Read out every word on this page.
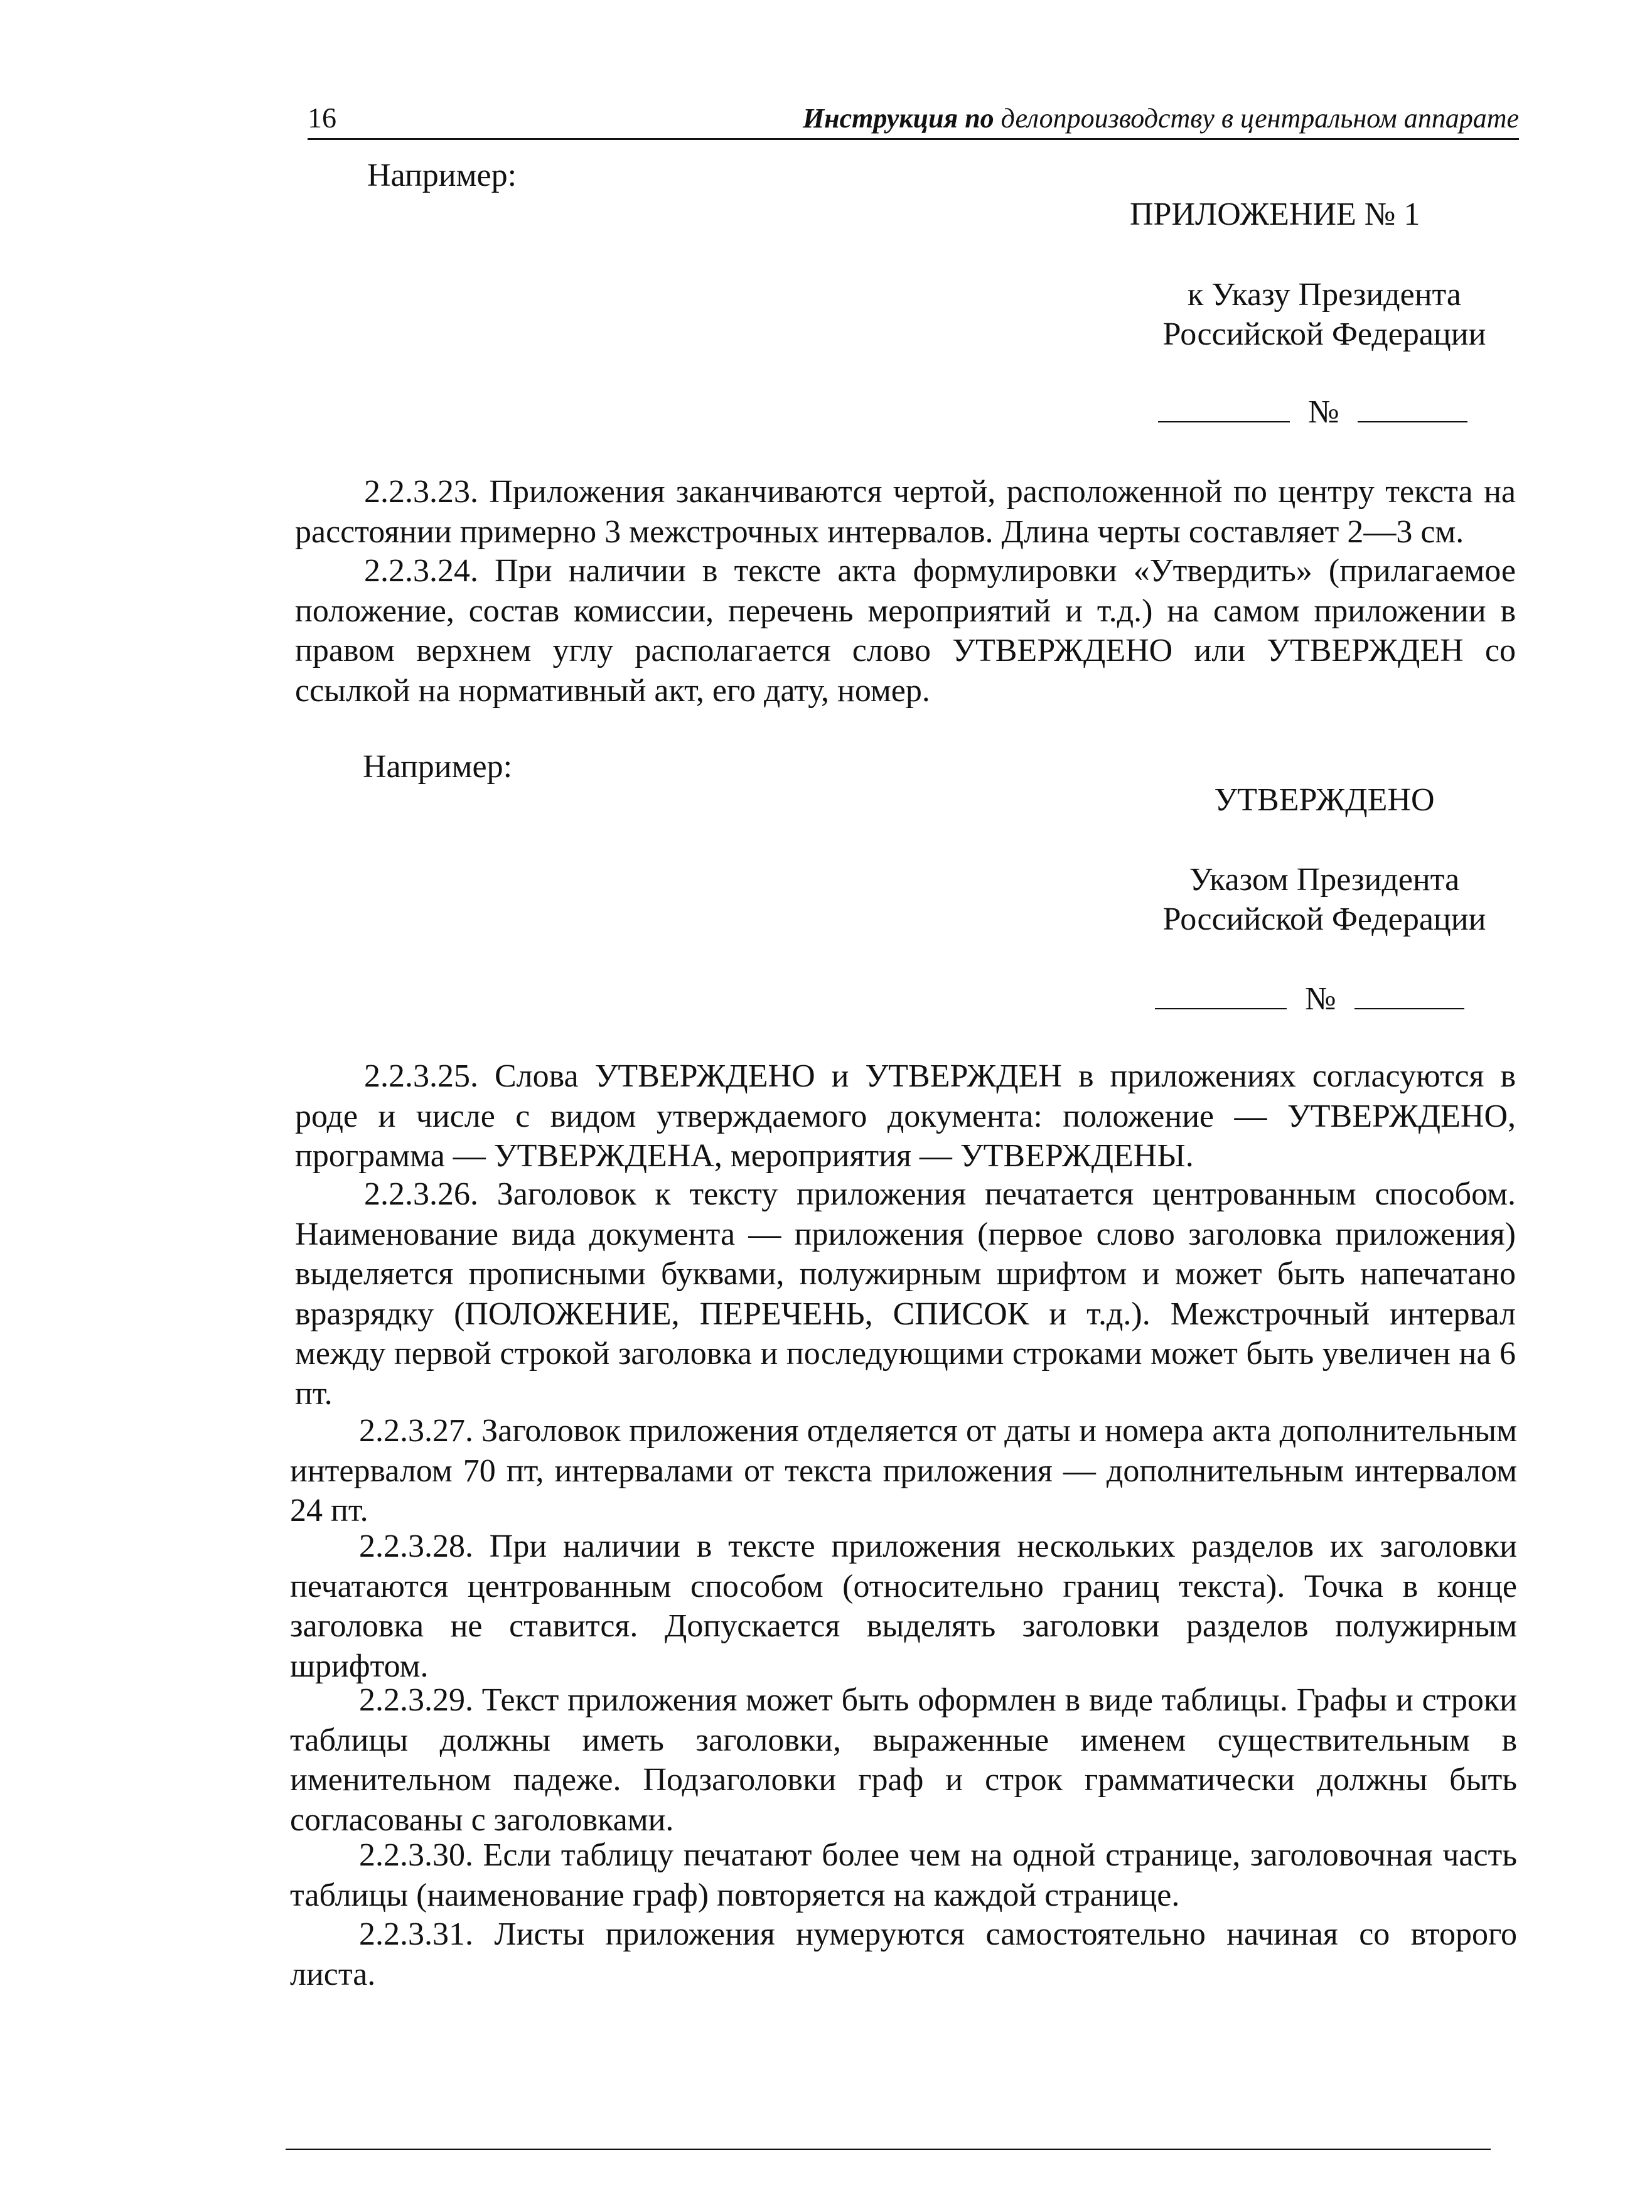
16	Инструкция по делопроизводству в центральном аппарате
Например:
ПРИЛОЖЕНИЕ № 1
к Указу Президента
Российской Федерации
№
2.2.3.23. Приложения заканчиваются чертой, расположенной по центру текста на расстоянии примерно 3 межстрочных интервалов. Длина черты составляет 2—3 см.
2.2.3.24. При наличии в тексте акта формулировки «Утвердить» (прилагаемое положение, состав комиссии, перечень мероприятий и т.д.) на самом приложении в правом верхнем углу располагается слово УТВЕРЖДЕНО или УТВЕРЖДЕН со ссылкой на нормативный акт, его дату, номер.
Например:
УТВЕРЖДЕНО
Указом Президента
Российской Федерации
№
2.2.3.25. Слова УТВЕРЖДЕНО и УТВЕРЖДЕН в приложениях согласуются в роде и числе с видом утверждаемого документа: положение — УТВЕРЖДЕНО, программа — УТВЕРЖДЕНА, мероприятия — УТВЕРЖДЕНЫ.
2.2.3.26. Заголовок к тексту приложения печатается центрованным способом. Наименование вида документа — приложения (первое слово заголовка приложения) выделяется прописными буквами, полужирным шрифтом и может быть напечатано вразрядку (ПОЛОЖЕНИЕ, ПЕРЕЧЕНЬ, СПИСОК и т.д.). Межстрочный интервал между первой строкой заголовка и последующими строками может быть увеличен на 6 пт.
2.2.3.27. Заголовок приложения отделяется от даты и номера акта дополнительным интервалом 70 пт, интервалами от текста приложения — дополнительным интервалом 24 пт.
2.2.3.28. При наличии в тексте приложения нескольких разделов их заголовки печатаются центрованным способом (относительно границ текста). Точка в конце заголовка не ставится. Допускается выделять заголовки разделов полужирным шрифтом.
2.2.3.29. Текст приложения может быть оформлен в виде таблицы. Графы и строки таблицы должны иметь заголовки, выраженные именем существительным в именительном падеже. Подзаголовки граф и строк грамматически должны быть согласованы с заголовками.
2.2.3.30. Если таблицу печатают более чем на одной странице, заголовочная часть таблицы (наименование граф) повторяется на каждой странице.
2.2.3.31. Листы приложения нумеруются самостоятельно начиная со второго листа.
